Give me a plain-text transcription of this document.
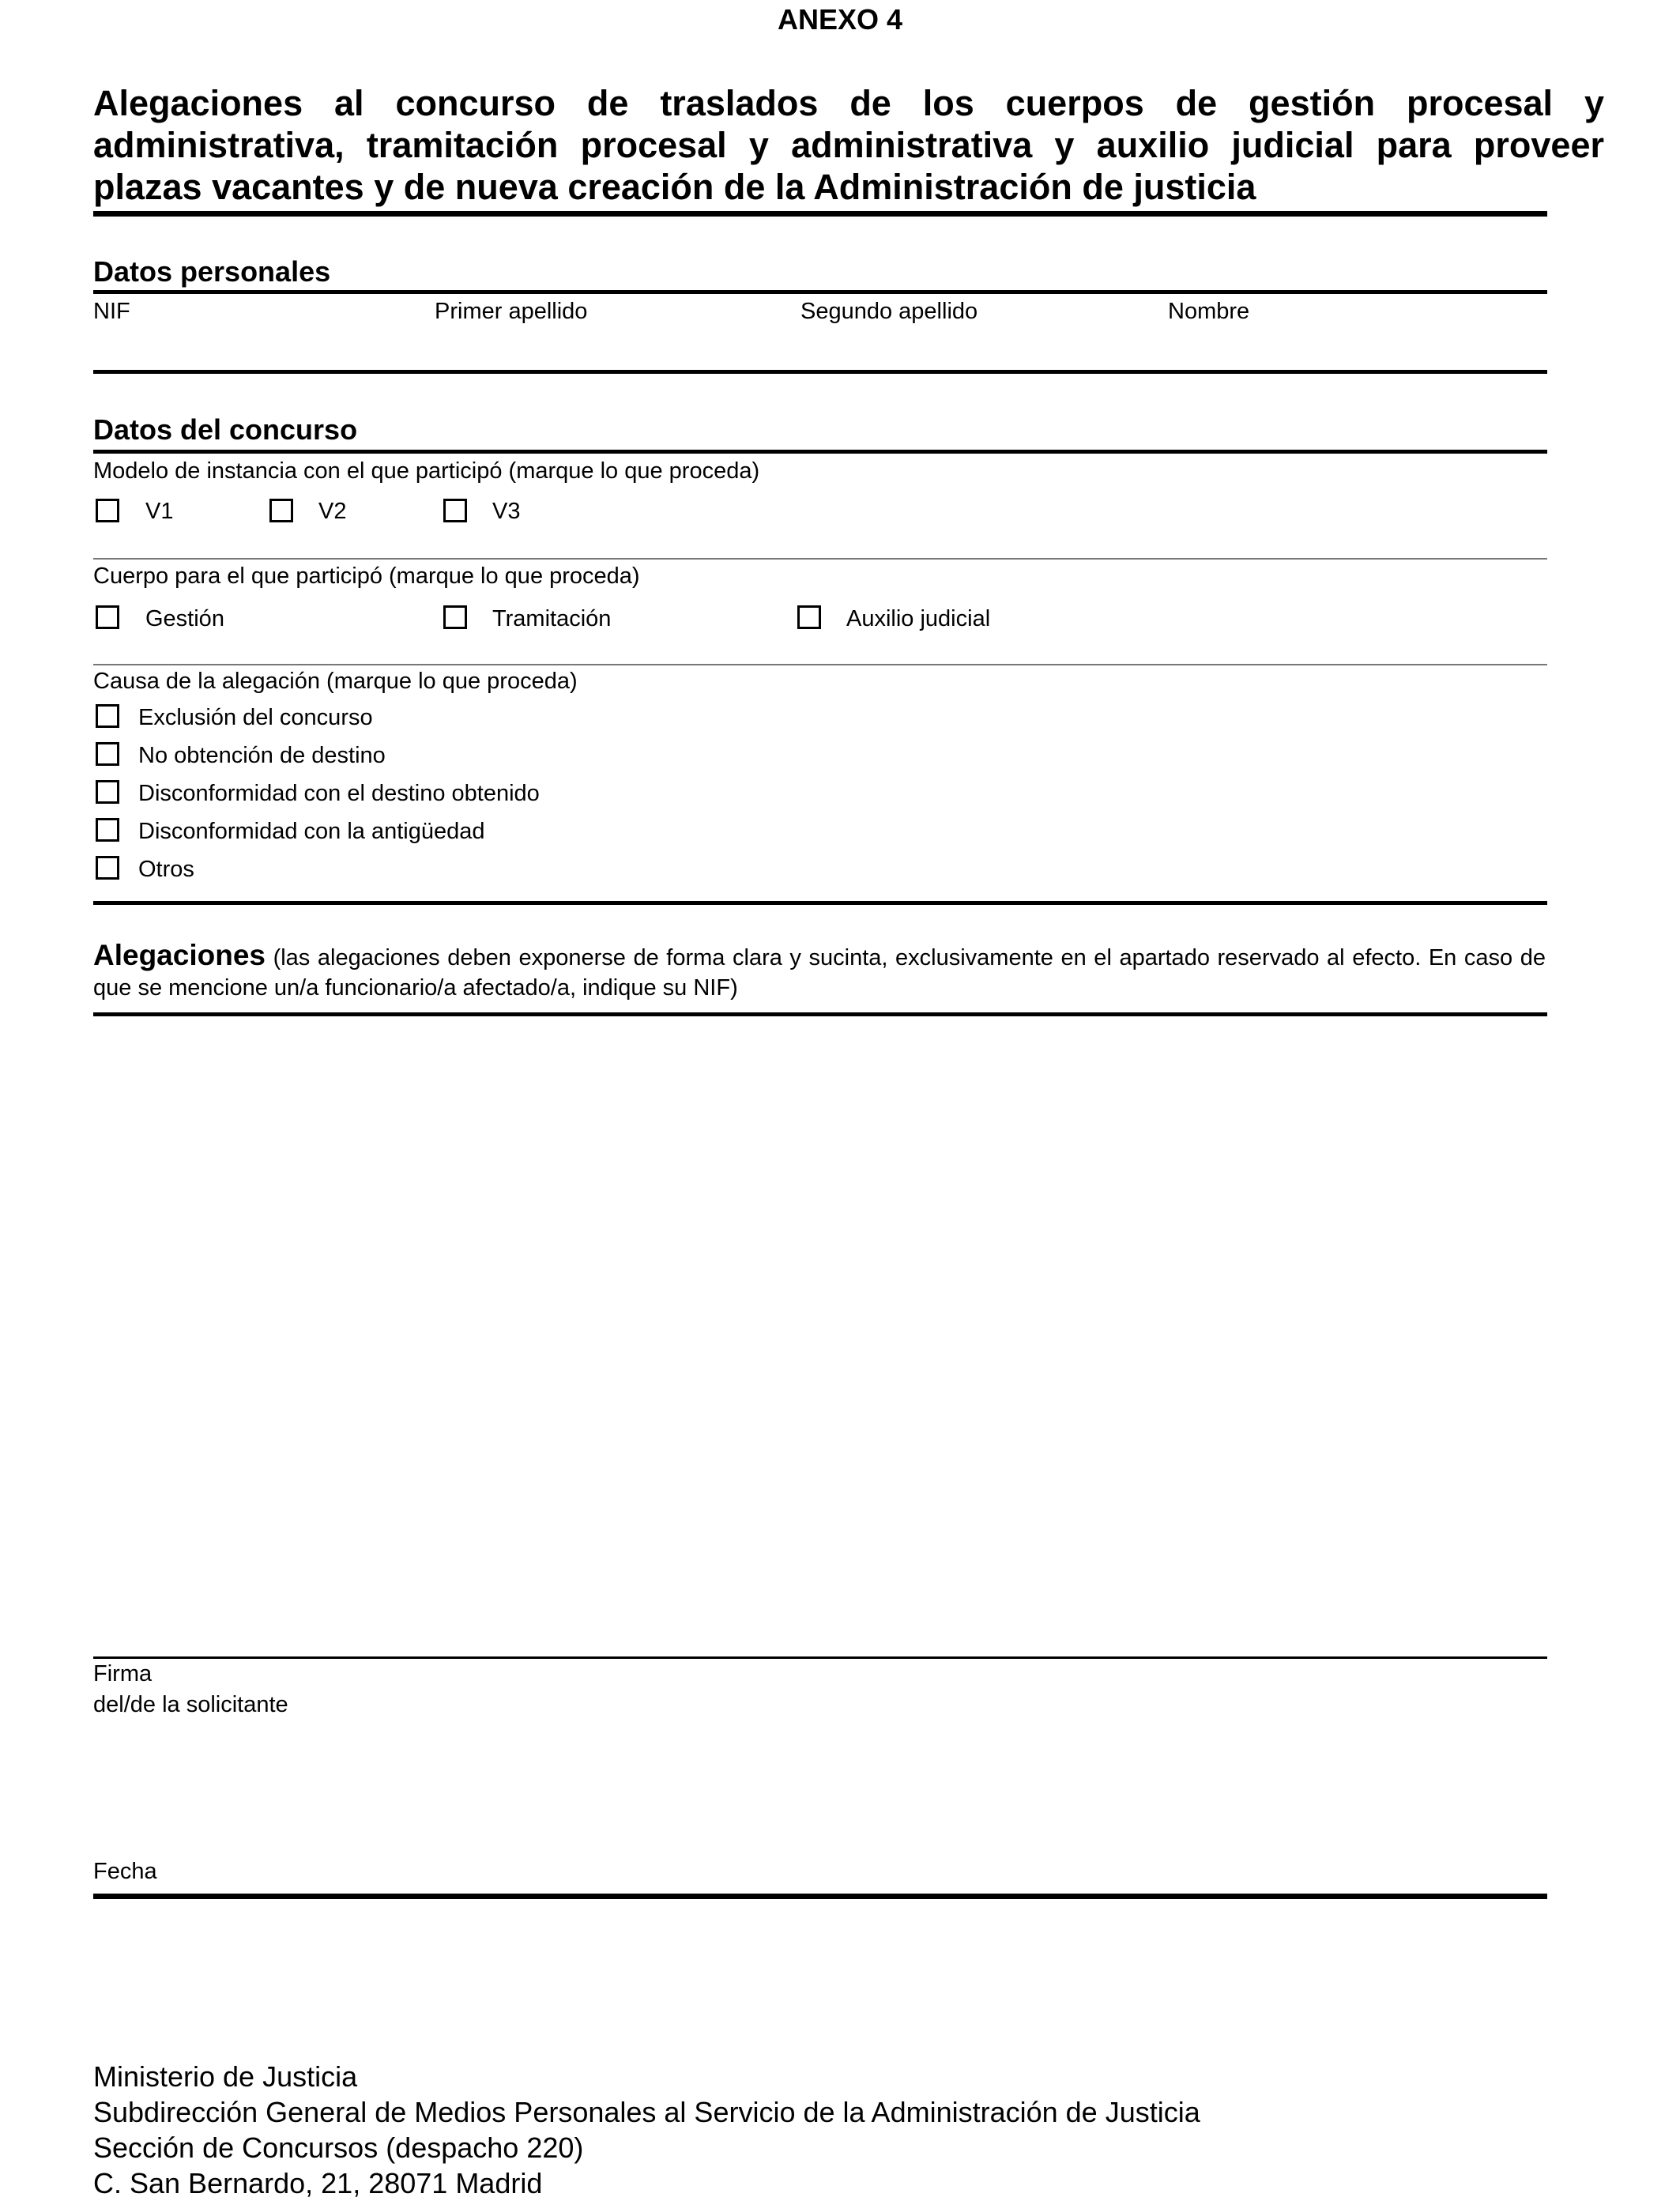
ANEXO 4
Alegaciones al concurso de traslados de los cuerpos de gestión procesal y administrativa, tramitación procesal y administrativa y auxilio judicial para proveer plazas vacantes y de nueva creación de la Administración de justicia
Datos personales
NIF	Primer apellido	Segundo apellido	Nombre
Datos del concurso
Modelo de instancia con el que participó (marque lo que proceda)
V1	V2	V3
Cuerpo para el que participó (marque lo que proceda)
Gestión	Tramitación	Auxilio judicial
Causa de la alegación (marque lo que proceda)
Exclusión del concurso
No obtención de destino
Disconformidad con el destino obtenido
Disconformidad con la antigüedad
Otros
Alegaciones (las alegaciones deben exponerse de forma clara y sucinta, exclusivamente en el apartado reservado al efecto. En caso de que se mencione un/a funcionario/a afectado/a, indique su NIF)
Firma
del/de la solicitante
Fecha
Ministerio de Justicia
Subdirección General de Medios Personales al Servicio de la Administración de Justicia
Sección de Concursos (despacho 220)
C. San Bernardo, 21, 28071 Madrid
